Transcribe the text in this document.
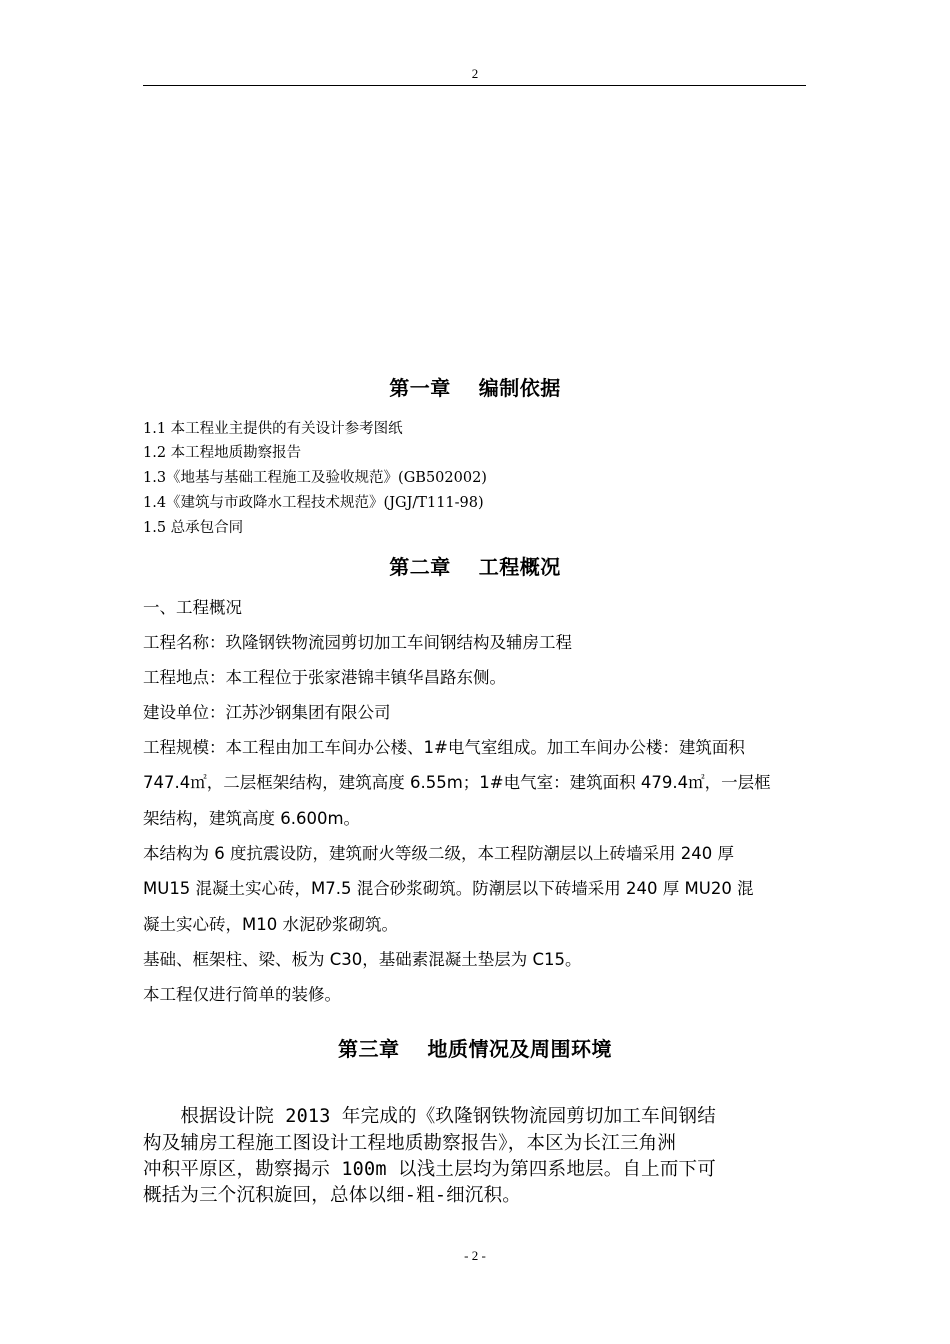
2
第一章　 编制依据
1.1 本工程业主提供的有关设计参考图纸
1.2 本工程地质勘察报告
1.3《地基与基础工程施工及验收规范》(GB502002)
1.4《建筑与市政降水工程技术规范》(JGJ/T111-98)
1.5 总承包合同
第二章　 工程概况
一、工程概况
工程名称：玖隆钢铁物流园剪切加工车间钢结构及辅房工程
工程地点：本工程位于张家港锦丰镇华昌路东侧。
建设单位：江苏沙钢集团有限公司
工程规模：本工程由加工车间办公楼、1#电气室组成。加工车间办公楼：建筑面积
747.4㎡，二层框架结构，建筑高度 6.55m；1#电气室：建筑面积 479.4㎡，一层框
架结构，建筑高度 6.600m。
本结构为 6 度抗震设防，建筑耐火等级二级，本工程防潮层以上砖墙采用 240 厚
MU15 混凝土实心砖，M7.5 混合砂浆砌筑。防潮层以下砖墙采用 240 厚 MU20 混
凝土实心砖，M10 水泥砂浆砌筑。
基础、框架柱、梁、板为 C30，基础素混凝土垫层为 C15。
本工程仅进行简单的装修。
第三章　 地质情况及周围环境
　　根据设计院 2013 年完成的《玖隆钢铁物流园剪切加工车间钢结
构及辅房工程施工图设计工程地质勘察报告》，本区为长江三角洲
冲积平原区，勘察揭示 100m 以浅土层均为第四系地层。自上而下可
概括为三个沉积旋回，总体以细-粗-细沉积。
- 2 -
